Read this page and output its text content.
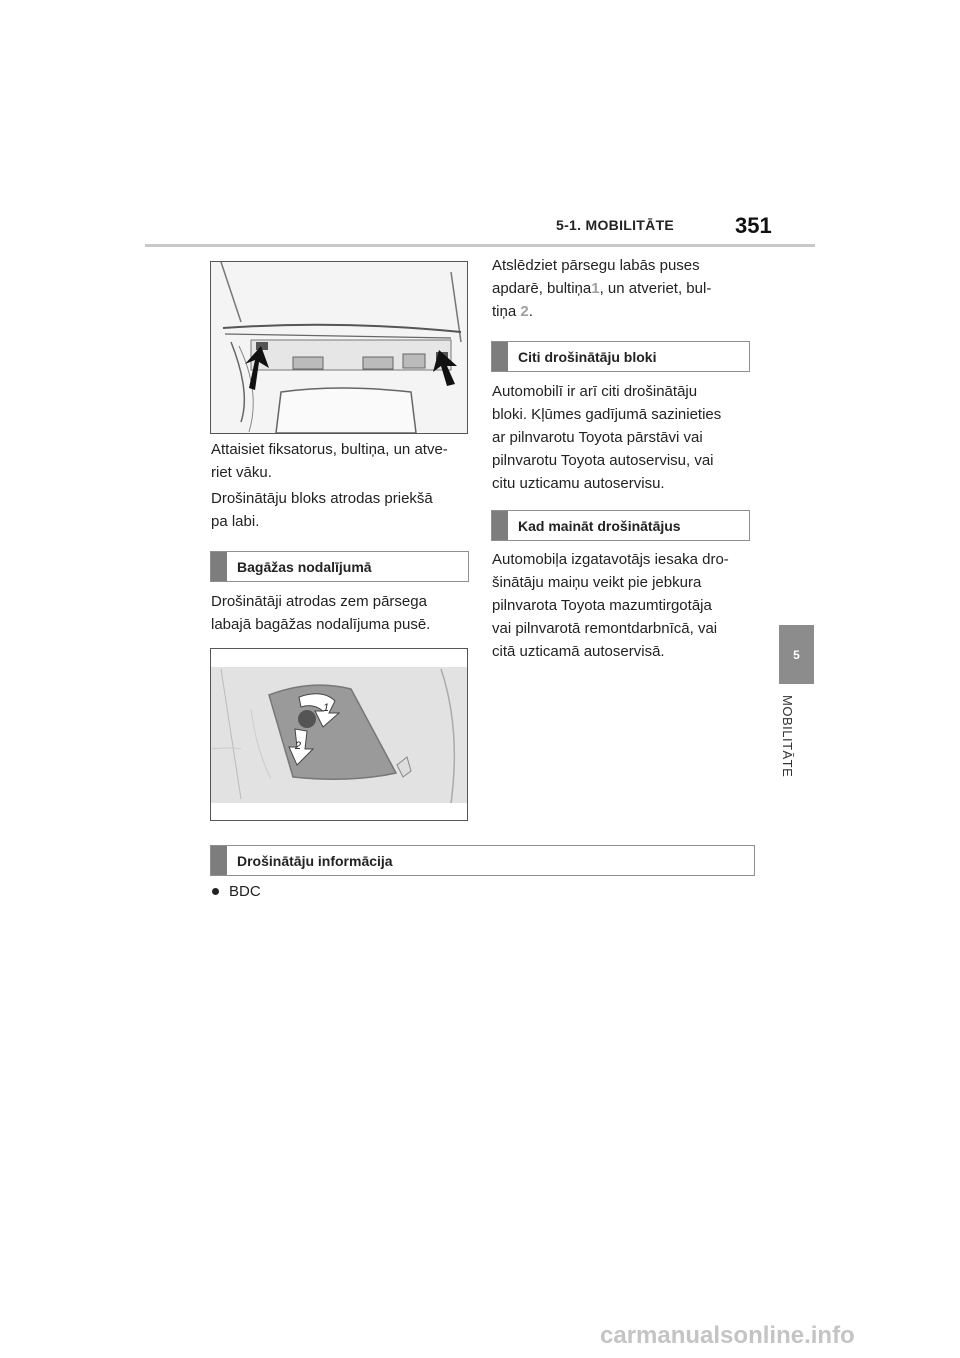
5-1. MOBILITĀTE	351
5
MOBILITĀTE
Attaisiet fiksatorus, bultiņa, un atve-
riet vāku.
Drošinātāju bloks atrodas priekšā
pa labi.
Bagāžas nodalījumā
Drošinātāji atrodas zem pārsega
labajā bagāžas nodalījuma pusē.
1
2
Atslēdziet pārsegu labās puses
apdarē, bultiņa1, un atveriet, bul-
tiņa 2.
Citi drošinātāju bloki
Automobilī ir arī citi drošinātāju
bloki. Kļūmes gadījumā sazinieties
ar pilnvarotu Toyota pārstāvi vai
pilnvarotu Toyota autoservisu, vai
citu uzticamu autoservisu.
Kad maināt drošinātājus
Automobiļa izgatavotājs iesaka dro-
šinātāju maiņu veikt pie jebkura
pilnvarota Toyota mazumtirgotāja
vai pilnvarotā remontdarbnīcā, vai
citā uzticamā autoservisā.
Drošinātāju informācija
BDC
carmanualsonline.info
